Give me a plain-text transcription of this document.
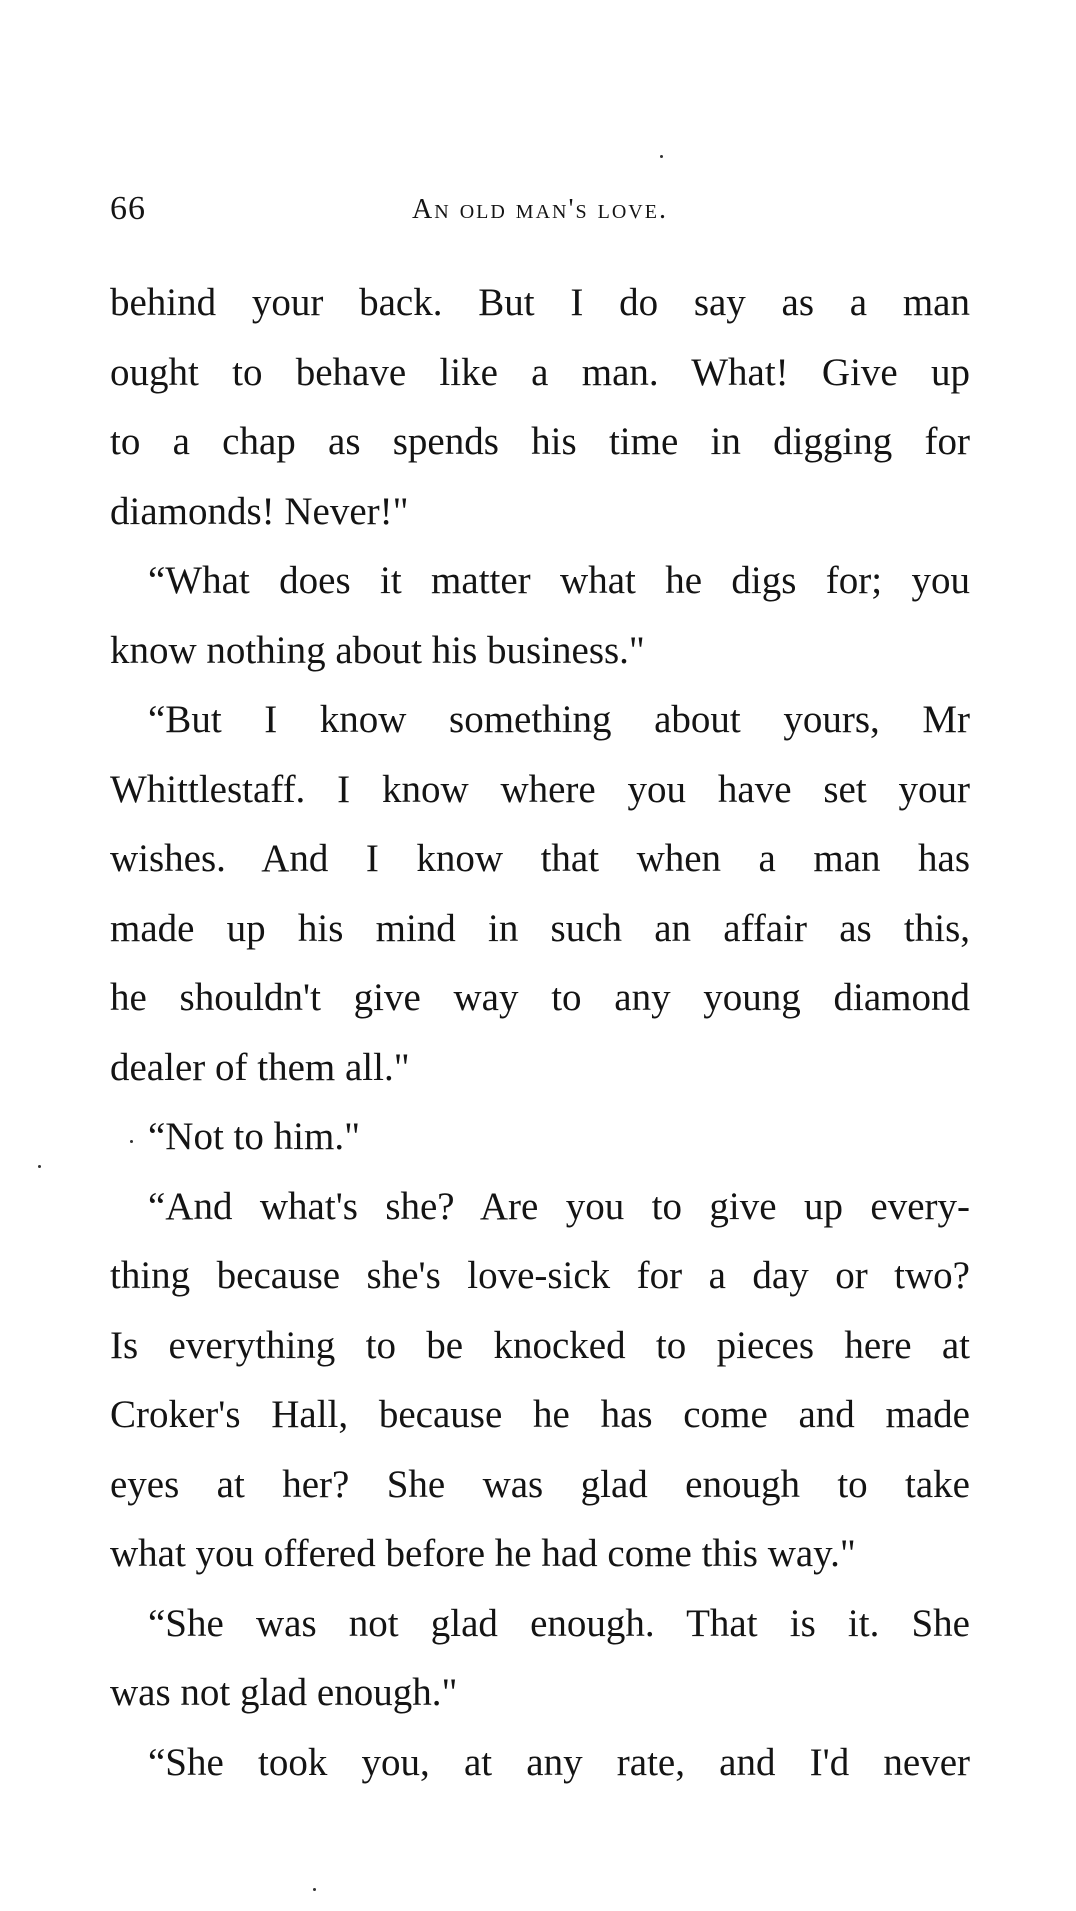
66	an old man's love.
behind your back. But I do say as a man
ought to behave like a man. What! Give up
to a chap as spends his time in digging for
diamonds! Never!"
“What does it matter what he digs for; you
know nothing about his business."
“But I know something about yours, Mr
Whittlestaff. I know where you have set your
wishes. And I know that when a man has
made up his mind in such an affair as this,
he shouldn't give way to any young diamond
dealer of them all."
“Not to him."
“And what's she? Are you to give up every-
thing because she's love-sick for a day or two?
Is everything to be knocked to pieces here at
Croker's Hall, because he has come and made
eyes at her? She was glad enough to take
what you offered before he had come this way."
“She was not glad enough. That is it. She
was not glad enough."
“She took you, at any rate, and I'd never
